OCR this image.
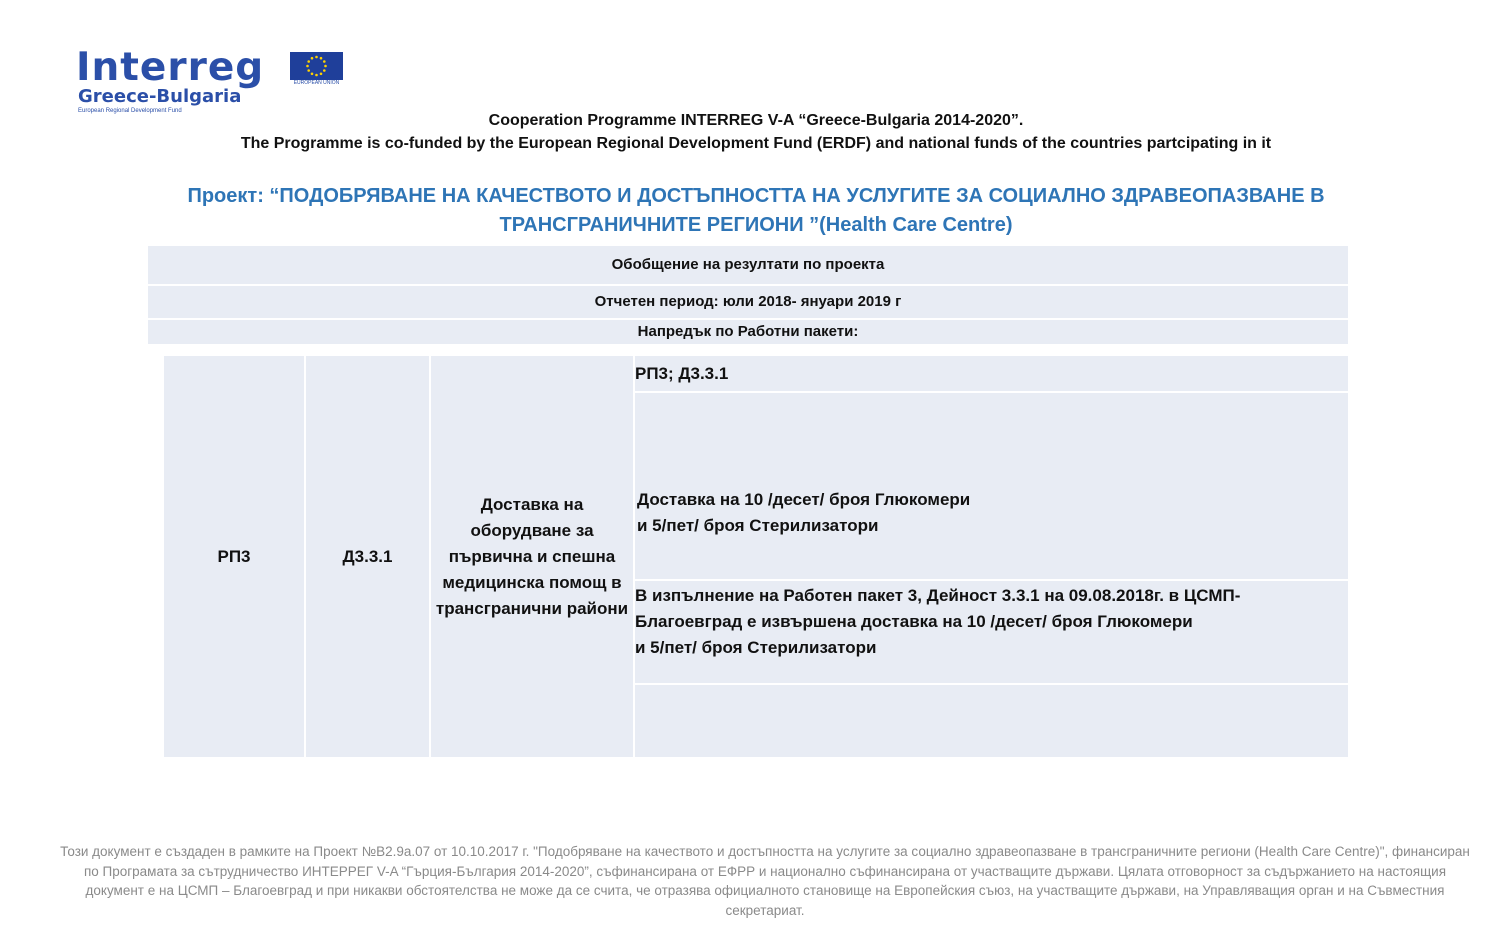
Interreg
Greece-Bulgaria
European Regional Development Fund
EUROPEAN UNION
Cooperation Programme INTERREG V-A “Greece-Bulgaria 2014-2020”.
The Programme is co-funded by the European Regional Development Fund (ERDF) and national funds of the countries partcipating in it
Проект: “ПОДОБРЯВАНЕ НА КАЧЕСТВОТО И ДОСТЪПНОСТТА НА УСЛУГИТЕ ЗА СОЦИАЛНО ЗДРАВЕОПАЗВАНЕ В ТРАНСГРАНИЧНИТЕ РЕГИОНИ ”(Health Care Centre)
Обобщение на резултати по проекта
Отчетен период: юли 2018- януари 2019 г
Напредък по Работни пакети:
РП3	Д3.3.1
Доставка на оборудване за първична и спешна медицинска помощ в трансгранични райони
РП3; Д3.3.1
Доставка на 10 /десет/ броя Глюкомери
и 5/пет/ броя Стерилизатори
В изпълнение на Работен пакет 3, Дейност 3.3.1 на 09.08.2018г. в ЦСМП-
Благоевград е извършена доставка на 10 /десет/ броя Глюкомери
и 5/пет/ броя Стерилизатори
Този документ е създаден в рамките на Проект №B2.9a.07 от 10.10.2017 г. "Подобряване на качеството и достъпността на услугите за социално здравеопазване в трансграничните региони (Health Care Centre)", финансиран по Програмата за сътрудничество ИНТЕРРЕГ V-A “Гърция-България 2014-2020”, съфинансирана от ЕФРР и национално съфинансирана от участващите държави. Цялата отговорност за съдържанието на настоящия документ е на ЦСМП – Благоевград и при никакви обстоятелства не може да се счита, че отразява официалното становище на Европейския съюз, на участващите държави, на Управляващия орган и на Съвместния секретариат.
